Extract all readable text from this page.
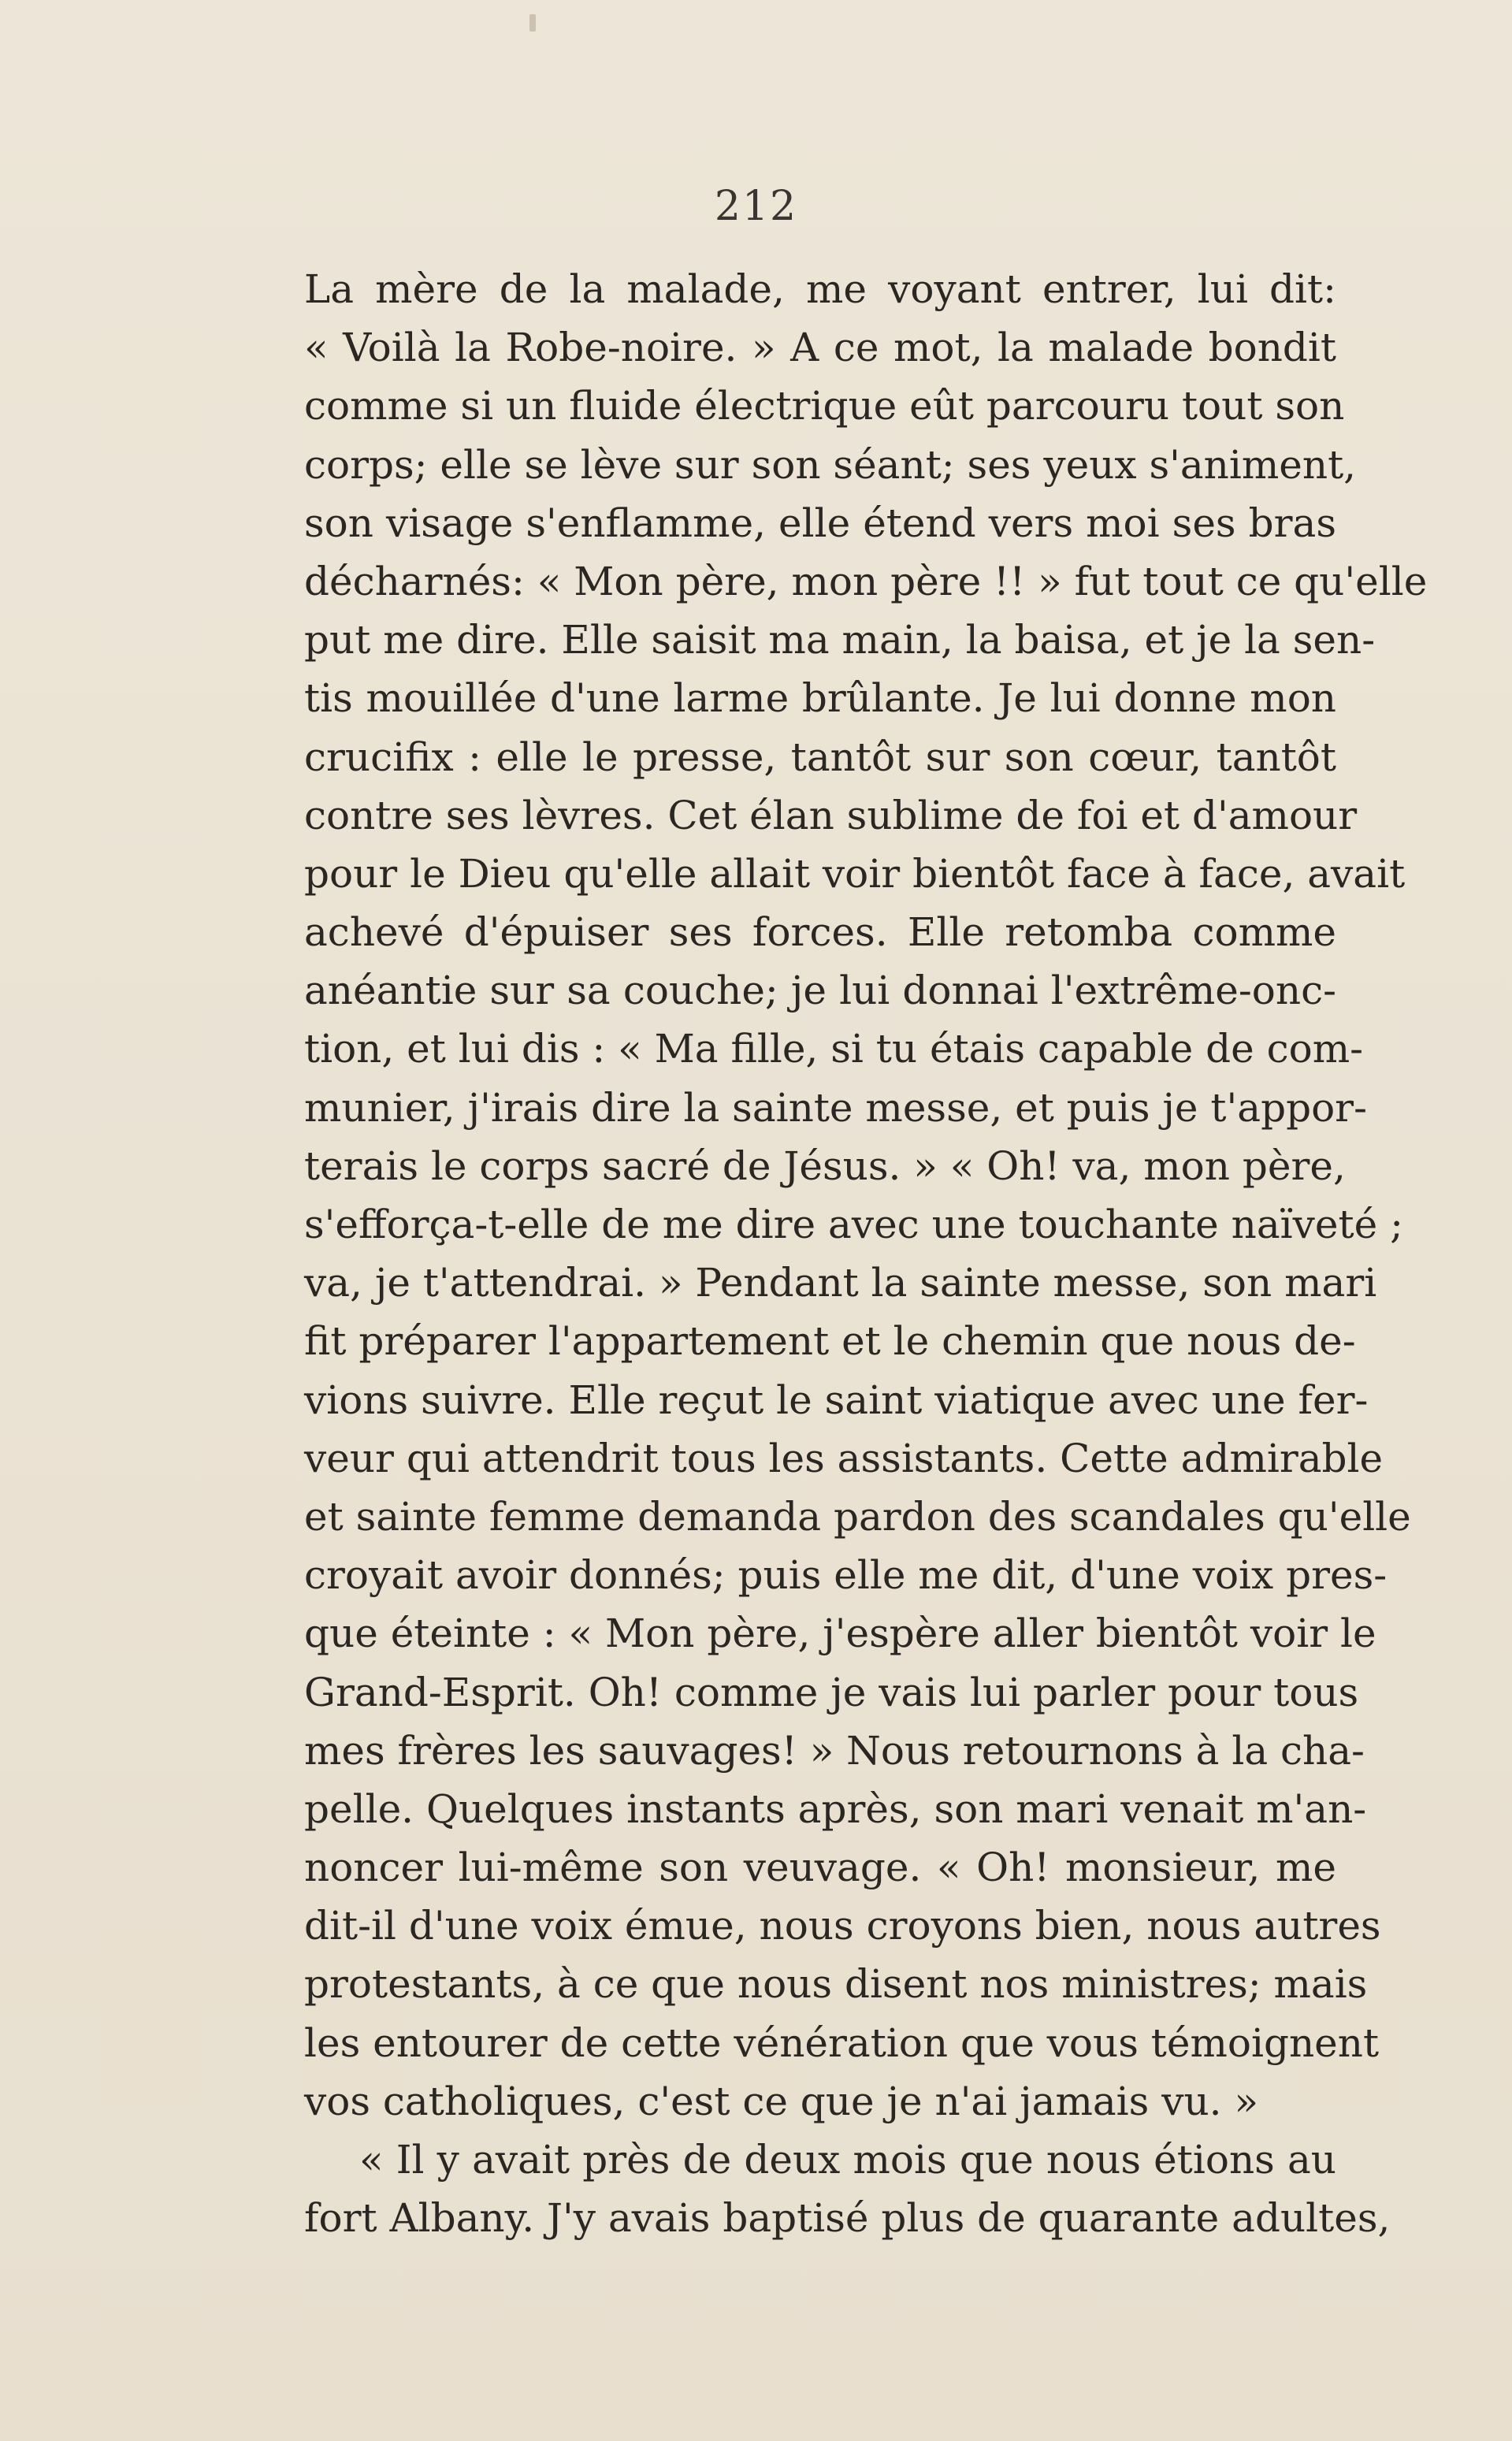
212
La mère de la malade, me voyant entrer, lui dit:
« Voilà la Robe-noire. » A ce mot, la malade bondit
comme si un fluide électrique eût parcouru tout son
corps; elle se lève sur son séant; ses yeux s'animent,
son visage s'enflamme, elle étend vers moi ses bras
décharnés: « Mon père, mon père !! » fut tout ce qu'elle
put me dire. Elle saisit ma main, la baisa, et je la sen-
tis mouillée d'une larme brûlante. Je lui donne mon
crucifix : elle le presse, tantôt sur son cœur, tantôt
contre ses lèvres. Cet élan sublime de foi et d'amour
pour le Dieu qu'elle allait voir bientôt face à face, avait
achevé d'épuiser ses forces. Elle retomba comme
anéantie sur sa couche; je lui donnai l'extrême-onc-
tion, et lui dis : « Ma fille, si tu étais capable de com-
munier, j'irais dire la sainte messe, et puis je t'appor-
terais le corps sacré de Jésus. » « Oh! va, mon père,
s'efforça-t-elle de me dire avec une touchante naïveté ;
va, je t'attendrai. » Pendant la sainte messe, son mari
fit préparer l'appartement et le chemin que nous de-
vions suivre. Elle reçut le saint viatique avec une fer-
veur qui attendrit tous les assistants. Cette admirable
et sainte femme demanda pardon des scandales qu'elle
croyait avoir donnés; puis elle me dit, d'une voix pres-
que éteinte : « Mon père, j'espère aller bientôt voir le
Grand-Esprit. Oh! comme je vais lui parler pour tous
mes frères les sauvages! » Nous retournons à la cha-
pelle. Quelques instants après, son mari venait m'an-
noncer lui-même son veuvage. « Oh! monsieur, me
dit-il d'une voix émue, nous croyons bien, nous autres
protestants, à ce que nous disent nos ministres; mais
les entourer de cette vénération que vous témoignent
vos catholiques, c'est ce que je n'ai jamais vu. »
« Il y avait près de deux mois que nous étions au
fort Albany. J'y avais baptisé plus de quarante adultes,
